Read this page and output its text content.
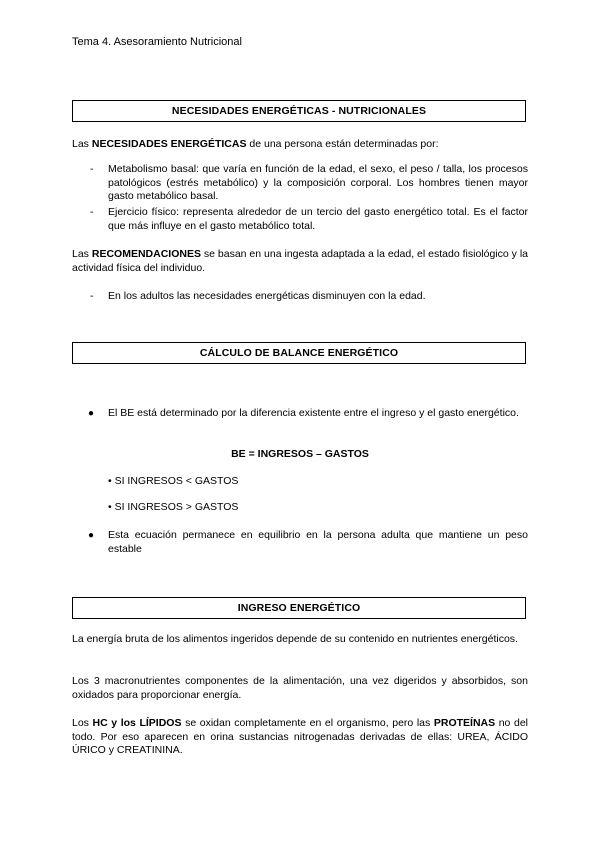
Tema 4. Asesoramiento Nutricional
NECESIDADES ENERGÉTICAS - NUTRICIONALES

Las NECESIDADES ENERGÉTICAS de una persona están determinadas por:

-	Metabolismo basal: que varía en función de la edad, el sexo, el peso / talla, los procesos patológicos (estrés metabólico) y la composición corporal. Los hombres tienen mayor gasto metabólico basal.
-	Ejercicio físico: representa alrededor de un tercio del gasto energético total. Es el factor que más influye en el gasto metabólico total.

Las RECOMENDACIONES se basan en una ingesta adaptada a la edad, el estado fisiológico y la actividad física del individuo.

-	En los adultos las necesidades energéticas disminuyen con la edad.
CÁLCULO DE BALANCE ENERGÉTICO
● El BE está determinado por la diferencia existente entre el ingreso y el gasto energético.
BE = INGRESOS – GASTOS
• SI INGRESOS < GASTOS
• SI INGRESOS > GASTOS
● Esta ecuación permanece en equilibrio en la persona adulta que mantiene un peso estable
INGRESO ENERGÉTICO

La energía bruta de los alimentos ingeridos depende de su contenido en nutrientes energéticos.

Los 3 macronutrientes componentes de la alimentación, una vez digeridos y absorbidos, son oxidados para proporcionar energía.

Los HC y los LÍPIDOS se oxidan completamente en el organismo, pero las PROTEÍNAS no del todo. Por eso aparecen en orina sustancias nitrogenadas derivadas de ellas: UREA, ÁCIDO ÚRICO y CREATININA.
